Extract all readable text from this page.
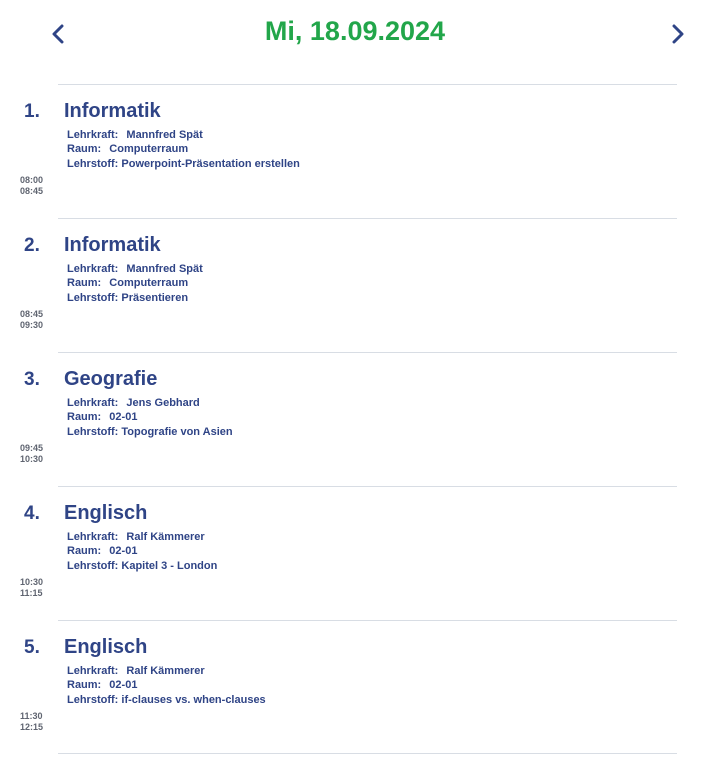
Mi, 18.09.2024
1. Informatik
Lehrkraft: Mannfred Spät
Raum: Computerraum
Lehrstoff: Powerpoint-Präsentation erstellen
08:00
08:45
2. Informatik
Lehrkraft: Mannfred Spät
Raum: Computerraum
Lehrstoff: Präsentieren
08:45
09:30
3. Geografie
Lehrkraft: Jens Gebhard
Raum: 02-01
Lehrstoff: Topografie von Asien
09:45
10:30
4. Englisch
Lehrkraft: Ralf Kämmerer
Raum: 02-01
Lehrstoff: Kapitel 3 - London
10:30
11:15
5. Englisch
Lehrkraft: Ralf Kämmerer
Raum: 02-01
Lehrstoff: if-clauses vs. when-clauses
11:30
12:15
